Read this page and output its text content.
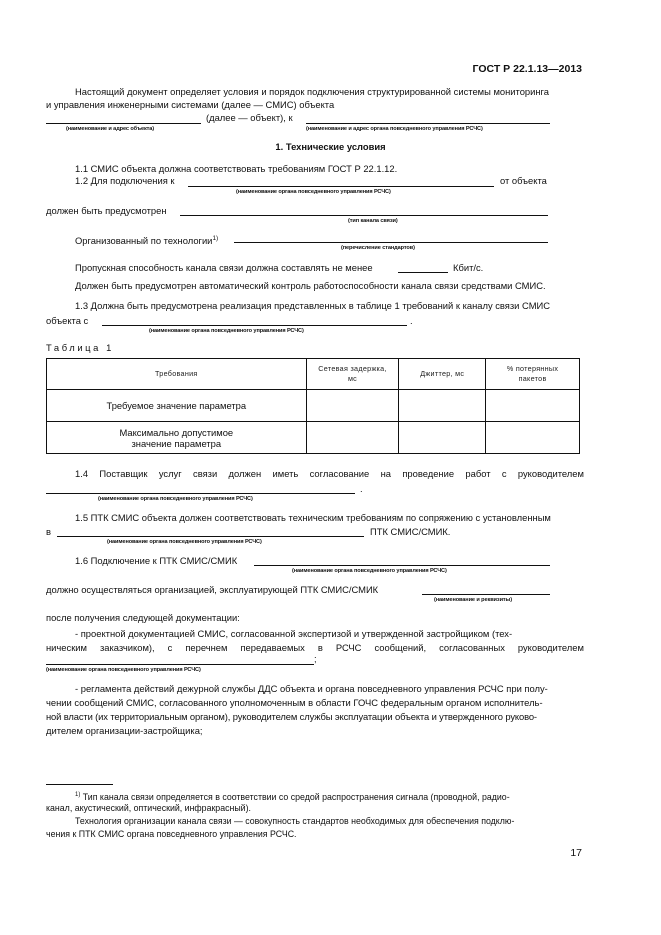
ГОСТ Р 22.1.13—2013
Настоящий документ определяет условия и порядок подключения структурированной системы мониторинга
и управления инженерными системами (далее — СМИС) объекта
(далее — объект), к
(наименование и адрес объекта)	(наименование и адрес органа повседневного управления РСЧС)
1. Технические условия
1.1 СМИС объекта должна соответствовать требованиям ГОСТ Р 22.1.12.
1.2 Для подключения к	от объекта
(наименование органа повседневного управления РСЧС)
должен быть предусмотрен
(тип канала связи)
Организованный по технологии$^{1)}$
(перечисление стандартов)
Пропускная способность канала связи должна составлять не менее	Кбит/с.
Должен быть предусмотрен автоматический контроль работоспособности канала связи средствами СМИС.
1.3 Должна быть предусмотрена реализация представленных в таблице 1 требований к каналу связи СМИС
объекта с	.
(наименование органа повседневного управления РСЧС)
Таблица 1
Требования	Сетевая задержка, мс	Джиттер, мс	% потерянных пакетов
Требуемое значение параметра			
Максимально допустимое значение параметра			
1.4 Поставщик услуг связи должен иметь согласование на проведение работ с руководителем
.
(наименование органа повседневного управления РСЧС)
1.5 ПТК СМИС объекта должен соответствовать техническим требованиям по сопряжению с установленным
в	ПТК СМИС/СМИК.
(наименование органа повседневного управления РСЧС)
1.6 Подключение к ПТК СМИС/СМИК
(наименование органа повседневного управления РСЧС)
должно осуществляться организацией, эксплуатирующей ПТК СМИС/СМИК
(наименование и реквизиты)
после получения следующей документации:
- проектной документацией СМИС, согласованной экспертизой и утвержденной застройщиком (тех-
ническим заказчиком), с перечнем передаваемых в РСЧС сообщений, согласованных руководителем
;
(наименование органа повседневного управления РСЧС)
- регламента действий дежурной службы ДДС объекта и органа повседневного управления РСЧС при полу-
чении сообщений СМИС, согласованного уполномоченным в области ГОЧС федеральным органом исполнитель-
ной власти (их территориальным органом), руководителем службы эксплуатации объекта и утвержденного руково-
дителем организации-застройщика;
$^{1)}$ Тип канала связи определяется в соответствии со средой распространения сигнала (проводной, радио-
канал, акустический, оптический, инфракрасный).
Технология организации канала связи — совокупность стандартов необходимых для обеспечения подклю-
чения к ПТК СМИС органа повседневного управления РСЧС.
17
